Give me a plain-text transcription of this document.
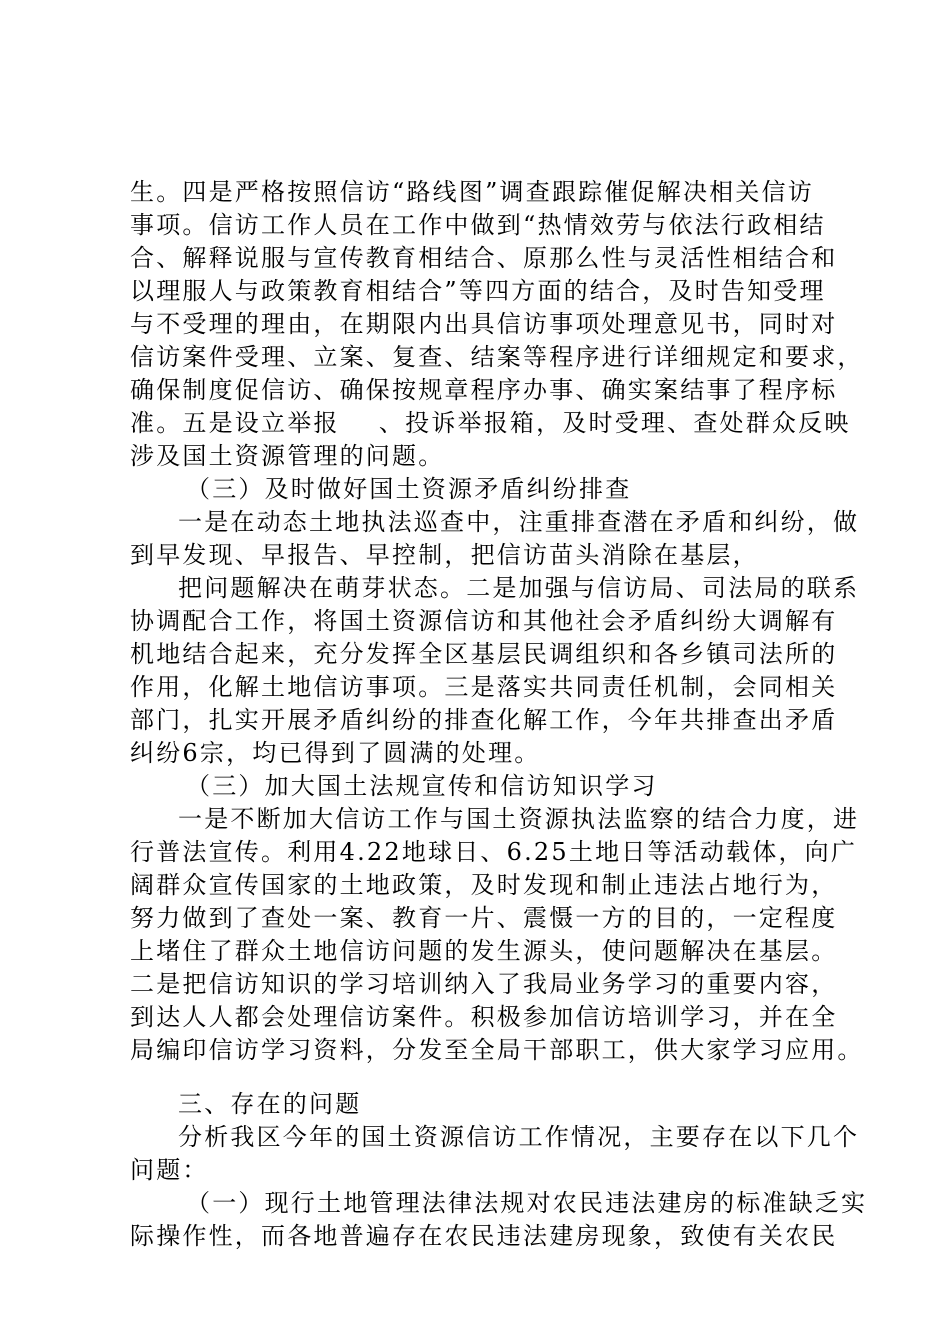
生。四是严格按照信访“路线图”调查跟踪催促解决相关信访
事项。信访工作人员在工作中做到“热情效劳与依法行政相结
合、解释说服与宣传教育相结合、原那么性与灵活性相结合和
以理服人与政策教育相结合”等四方面的结合，及时告知受理
与不受理的理由，在期限内出具信访事项处理意见书，同时对
信访案件受理、立案、复查、结案等程序进行详细规定和要求，
确保制度促信访、确保按规章程序办事、确实案结事了程序标
准。五是设立举报    、投诉举报箱，及时受理、查处群众反映
涉及国土资源管理的问题。
（三）及时做好国土资源矛盾纠纷排查
一是在动态土地执法巡查中，注重排查潜在矛盾和纠纷，做
到早发现、早报告、早控制，把信访苗头消除在基层，
把问题解决在萌芽状态。二是加强与信访局、司法局的联系
协调配合工作，将国土资源信访和其他社会矛盾纠纷大调解有
机地结合起来，充分发挥全区基层民调组织和各乡镇司法所的
作用，化解土地信访事项。三是落实共同责任机制，会同相关
部门，扎实开展矛盾纠纷的排查化解工作，今年共排查出矛盾
纠纷6宗，均已得到了圆满的处理。
（三）加大国土法规宣传和信访知识学习
一是不断加大信访工作与国土资源执法监察的结合力度，进
行普法宣传。利用4.22地球日、6.25土地日等活动载体，向广
阔群众宣传国家的土地政策，及时发现和制止违法占地行为，
努力做到了查处一案、教育一片、震慑一方的目的，一定程度
上堵住了群众土地信访问题的发生源头，使问题解决在基层。
二是把信访知识的学习培训纳入了我局业务学习的重要内容，
到达人人都会处理信访案件。积极参加信访培训学习，并在全
局编印信访学习资料，分发至全局干部职工，供大家学习应用。
三、存在的问题
分析我区今年的国土资源信访工作情况，主要存在以下几个
问题：
（一）现行土地管理法律法规对农民违法建房的标准缺乏实
际操作性，而各地普遍存在农民违法建房现象，致使有关农民
